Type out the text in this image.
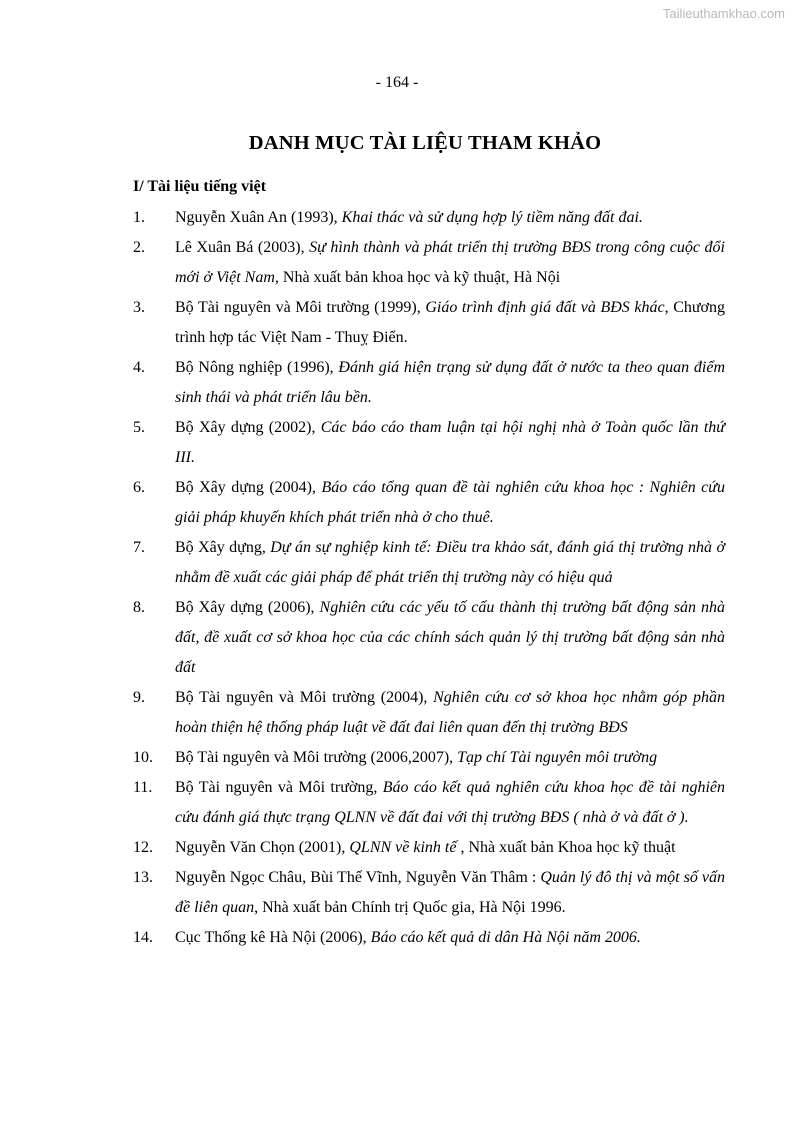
Tailieuthamkhao.com
- 164 -
DANH MỤC TÀI LIỆU THAM KHẢO
I/ Tài liệu tiếng việt
1.	Nguyễn Xuân An (1993), Khai thác và sử dụng hợp lý tiềm năng đất đai.
2.	Lê Xuân Bá (2003), Sự hình thành và phát triển thị trường BĐS trong công cuộc đổi mới ở Việt Nam, Nhà xuất bản khoa học và kỹ thuật, Hà Nội
3.	Bộ Tài nguyên và Môi trường (1999), Giáo trình định giá đất và BĐS khác, Chương trình hợp tác Việt Nam - Thuỵ Điển.
4.	Bộ Nông nghiệp (1996), Đánh giá hiện trạng sử dụng đất ở nước ta theo quan điểm sinh thái và phát triển lâu bền.
5.	Bộ Xây dựng (2002), Các báo cáo tham luận tại hội nghị nhà ở Toàn quốc lần thứ III.
6.	Bộ Xây dựng (2004), Báo cáo tổng quan đề tài nghiên cứu khoa học : Nghiên cứu giải pháp khuyến khích phát triển nhà ở cho thuê.
7.	Bộ Xây dựng, Dự án sự nghiệp kinh tế: Điều tra khảo sát, đánh giá thị trường nhà ở nhằm đề xuất các giải pháp để phát triển thị trường này có hiệu quả
8.	Bộ Xây dựng (2006), Nghiên cứu các yếu tố cấu thành thị trường bất động sản nhà đất, đề xuất cơ sở khoa học của các chính sách quản lý thị trường bất động sản nhà đất
9.	Bộ Tài nguyên và Môi trường (2004), Nghiên cứu cơ sở khoa học nhằm góp phần hoàn thiện hệ thống pháp luật về đất đai liên quan đến thị trường BĐS
10.	Bộ Tài nguyên và Môi trường (2006,2007), Tạp chí Tài nguyên môi trường
11.	Bộ Tài nguyên và Môi trường, Báo cáo kết quả nghiên cứu khoa học đề tài nghiên cứu đánh giá thực trạng QLNN về đất đai với thị trường BĐS ( nhà ở và đất ở ).
12.	Nguyễn Văn Chọn (2001), QLNN về kinh tế , Nhà xuất bản Khoa học kỹ thuật
13.	Nguyễn Ngọc Châu, Bùi Thế Vĩnh, Nguyễn Văn Thâm : Quản lý đô thị và một số vấn đề liên quan, Nhà xuất bản Chính trị Quốc gia, Hà Nội 1996.
14.	Cục Thống kê Hà Nội (2006), Báo cáo kết quả di dân Hà Nội năm 2006.
